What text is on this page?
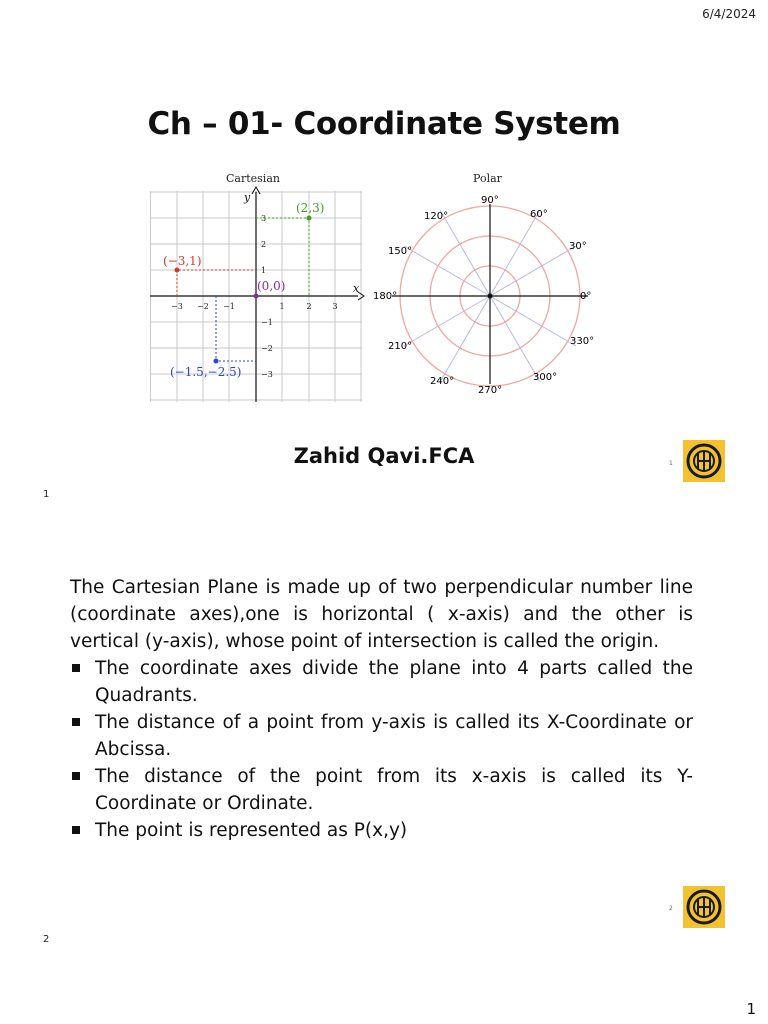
6/4/2024
Ch – 01- Coordinate System
Cartesian
x
y
−3 −2 −1	1	2	3
3
2
1
−1
−2
−3
(2,3)
(−3,1)
(0,0)
(−1.5,−2.5)
Polar
0°
30°
60°
90°
120°
150°
180°
210°
240°
270°
300°
330°
Zahid Qavi.FCA	1
1

The Cartesian Plane is made up of two perpendicular number line (coordinate axes),one is horizontal ( x-axis) and the other is vertical (y-axis), whose point of intersection is called the origin.

The coordinate axes divide the plane into 4 parts called the Quadrants.
The distance of a point from y-axis is called its X-Coordinate or Abcissa.
The distance of the point from its x-axis is called its Y-Coordinate or Ordinate.
The point is represented as P(x,y)
2
2
1
